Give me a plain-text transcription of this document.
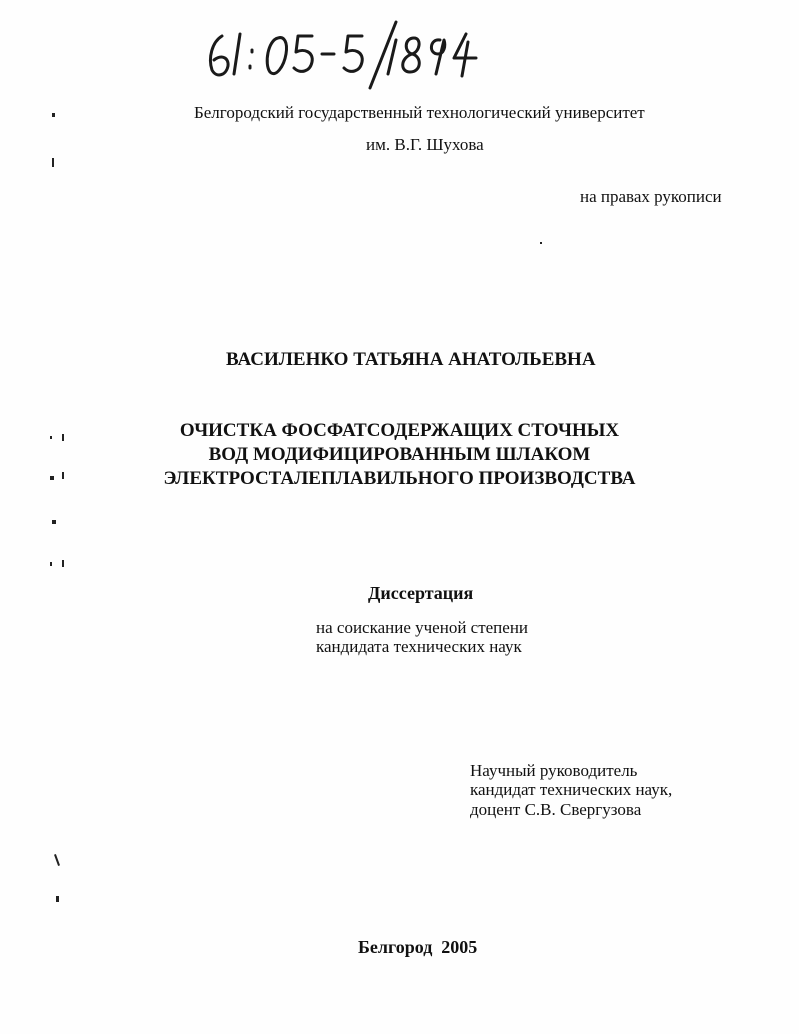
Белгородский государственный технологический университет
им. В.Г. Шухова
на правах рукописи
ВАСИЛЕНКО ТАТЬЯНА АНАТОЛЬЕВНА
ОЧИСТКА ФОСФАТСОДЕРЖАЩИХ СТОЧНЫХ
ВОД МОДИФИЦИРОВАННЫМ ШЛАКОМ
ЭЛЕКТРОСТАЛЕПЛАВИЛЬНОГО ПРОИЗВОДСТВА
Диссертация
на соискание ученой степени
кандидата технических наук
Научный руководитель
кандидат технических наук,
доцент С.В. Свергузова
Белгород  2005
